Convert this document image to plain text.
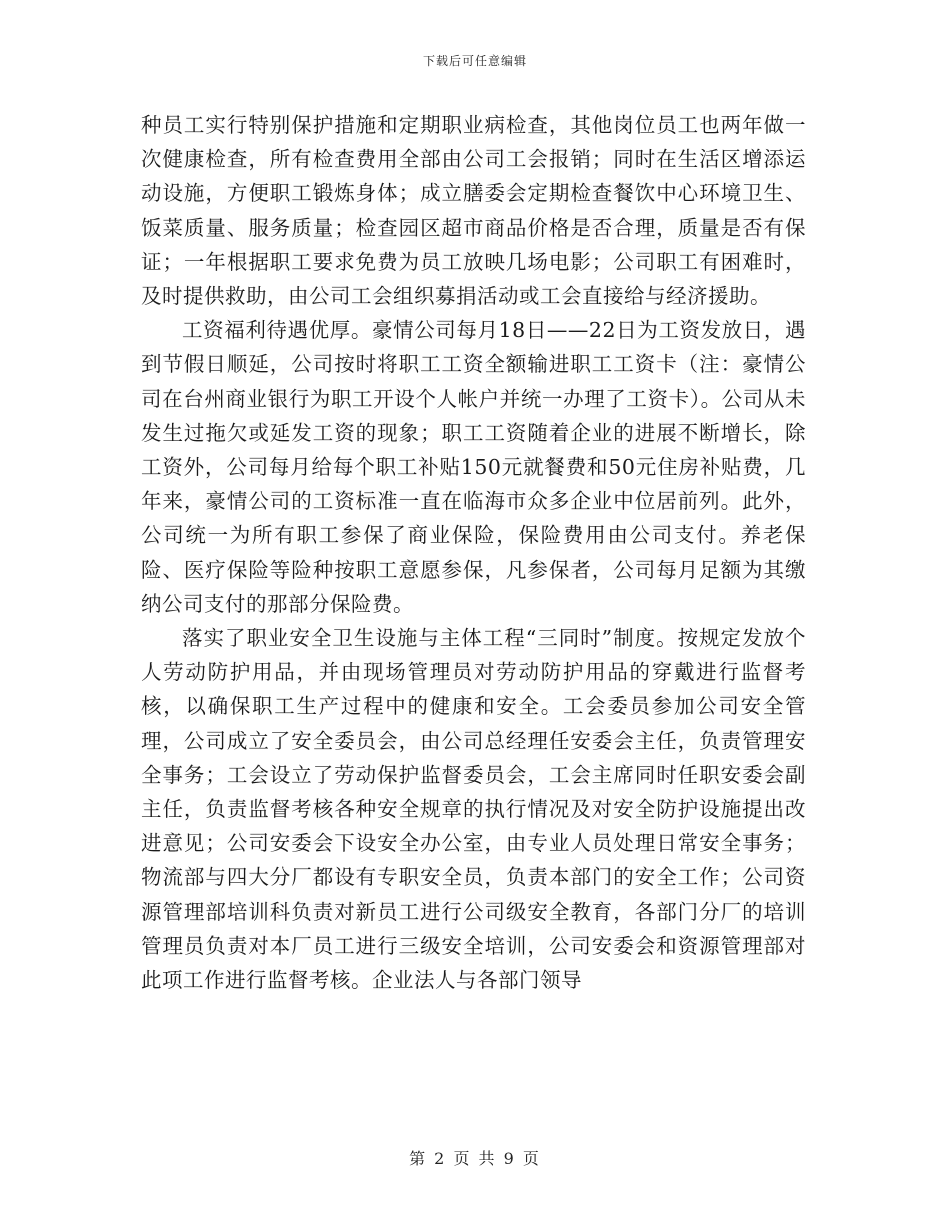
下载后可任意编辑

种员工实行特别保护措施和定期职业病检查，其他岗位员工也两年做一次健康检查，所有检查费用全部由公司工会报销；同时在生活区增添运动设施，方便职工锻炼身体；成立膳委会定期检查餐饮中心环境卫生、饭菜质量、服务质量；检查园区超市商品价格是否合理，质量是否有保证；一年根据职工要求免费为员工放映几场电影；公司职工有困难时，及时提供救助，由公司工会组织募捐活动或工会直接给与经济援助。

工资福利待遇优厚。豪情公司每月18日——22日为工资发放日，遇到节假日顺延，公司按时将职工工资全额输进职工工资卡（注：豪情公司在台州商业银行为职工开设个人帐户并统一办理了工资卡）。公司从未发生过拖欠或延发工资的现象；职工工资随着企业的进展不断增长，除工资外，公司每月给每个职工补贴150元就餐费和50元住房补贴费，几年来，豪情公司的工资标准一直在临海市众多企业中位居前列。此外，公司统一为所有职工参保了商业保险，保险费用由公司支付。养老保险、医疗保险等险种按职工意愿参保，凡参保者，公司每月足额为其缴纳公司支付的那部分保险费。

落实了职业安全卫生设施与主体工程“三同时”制度。按规定发放个人劳动防护用品，并由现场管理员对劳动防护用品的穿戴进行监督考核，以确保职工生产过程中的健康和安全。工会委员参加公司安全管理，公司成立了安全委员会，由公司总经理任安委会主任，负责管理安全事务；工会设立了劳动保护监督委员会，工会主席同时任职安委会副主任，负责监督考核各种安全规章的执行情况及对安全防护设施提出改进意见；公司安委会下设安全办公室，由专业人员处理日常安全事务；物流部与四大分厂都设有专职安全员，负责本部门的安全工作；公司资源管理部培训科负责对新员工进行公司级安全教育，各部门分厂的培训管理员负责对本厂员工进行三级安全培训，公司安委会和资源管理部对此项工作进行监督考核。企业法人与各部门领导

第 2 页 共 9 页
